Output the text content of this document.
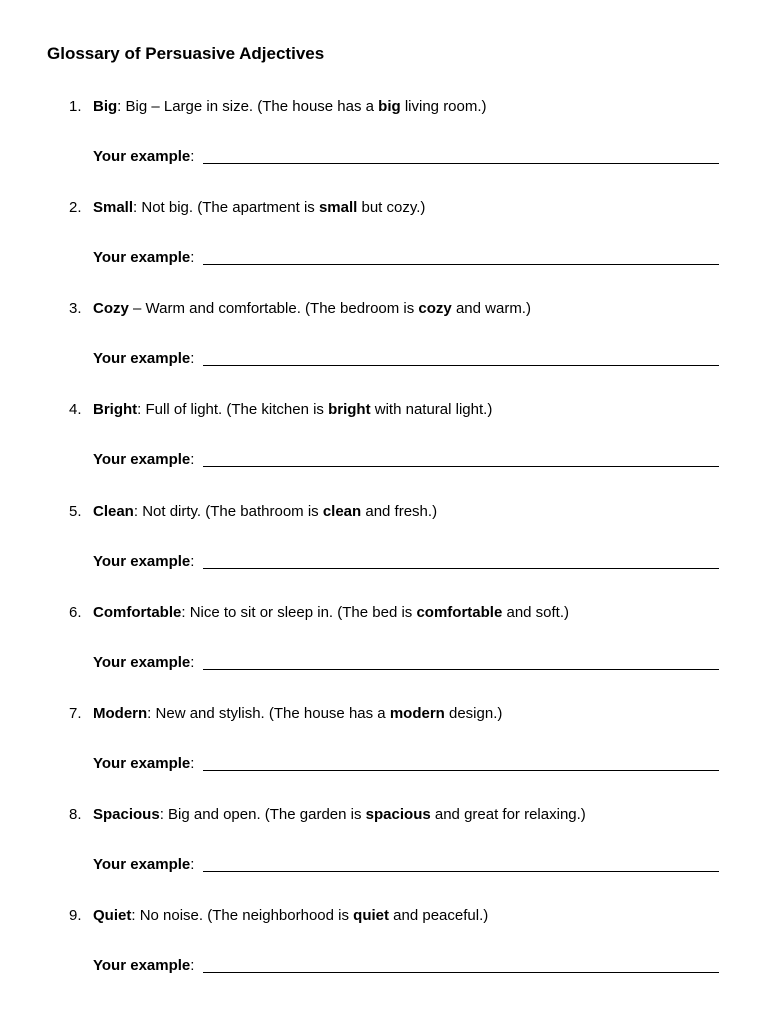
Glossary of Persuasive Adjectives
1. Big: Big – Large in size. (The house has a big living room.)
Your example:
2. Small: Not big. (The apartment is small but cozy.)
Your example:
3. Cozy – Warm and comfortable. (The bedroom is cozy and warm.)
Your example:
4. Bright: Full of light. (The kitchen is bright with natural light.)
Your example:
5. Clean: Not dirty. (The bathroom is clean and fresh.)
Your example:
6. Comfortable: Nice to sit or sleep in. (The bed is comfortable and soft.)
Your example:
7. Modern: New and stylish. (The house has a modern design.)
Your example:
8. Spacious: Big and open. (The garden is spacious and great for relaxing.)
Your example:
9. Quiet: No noise. (The neighborhood is quiet and peaceful.)
Your example:
